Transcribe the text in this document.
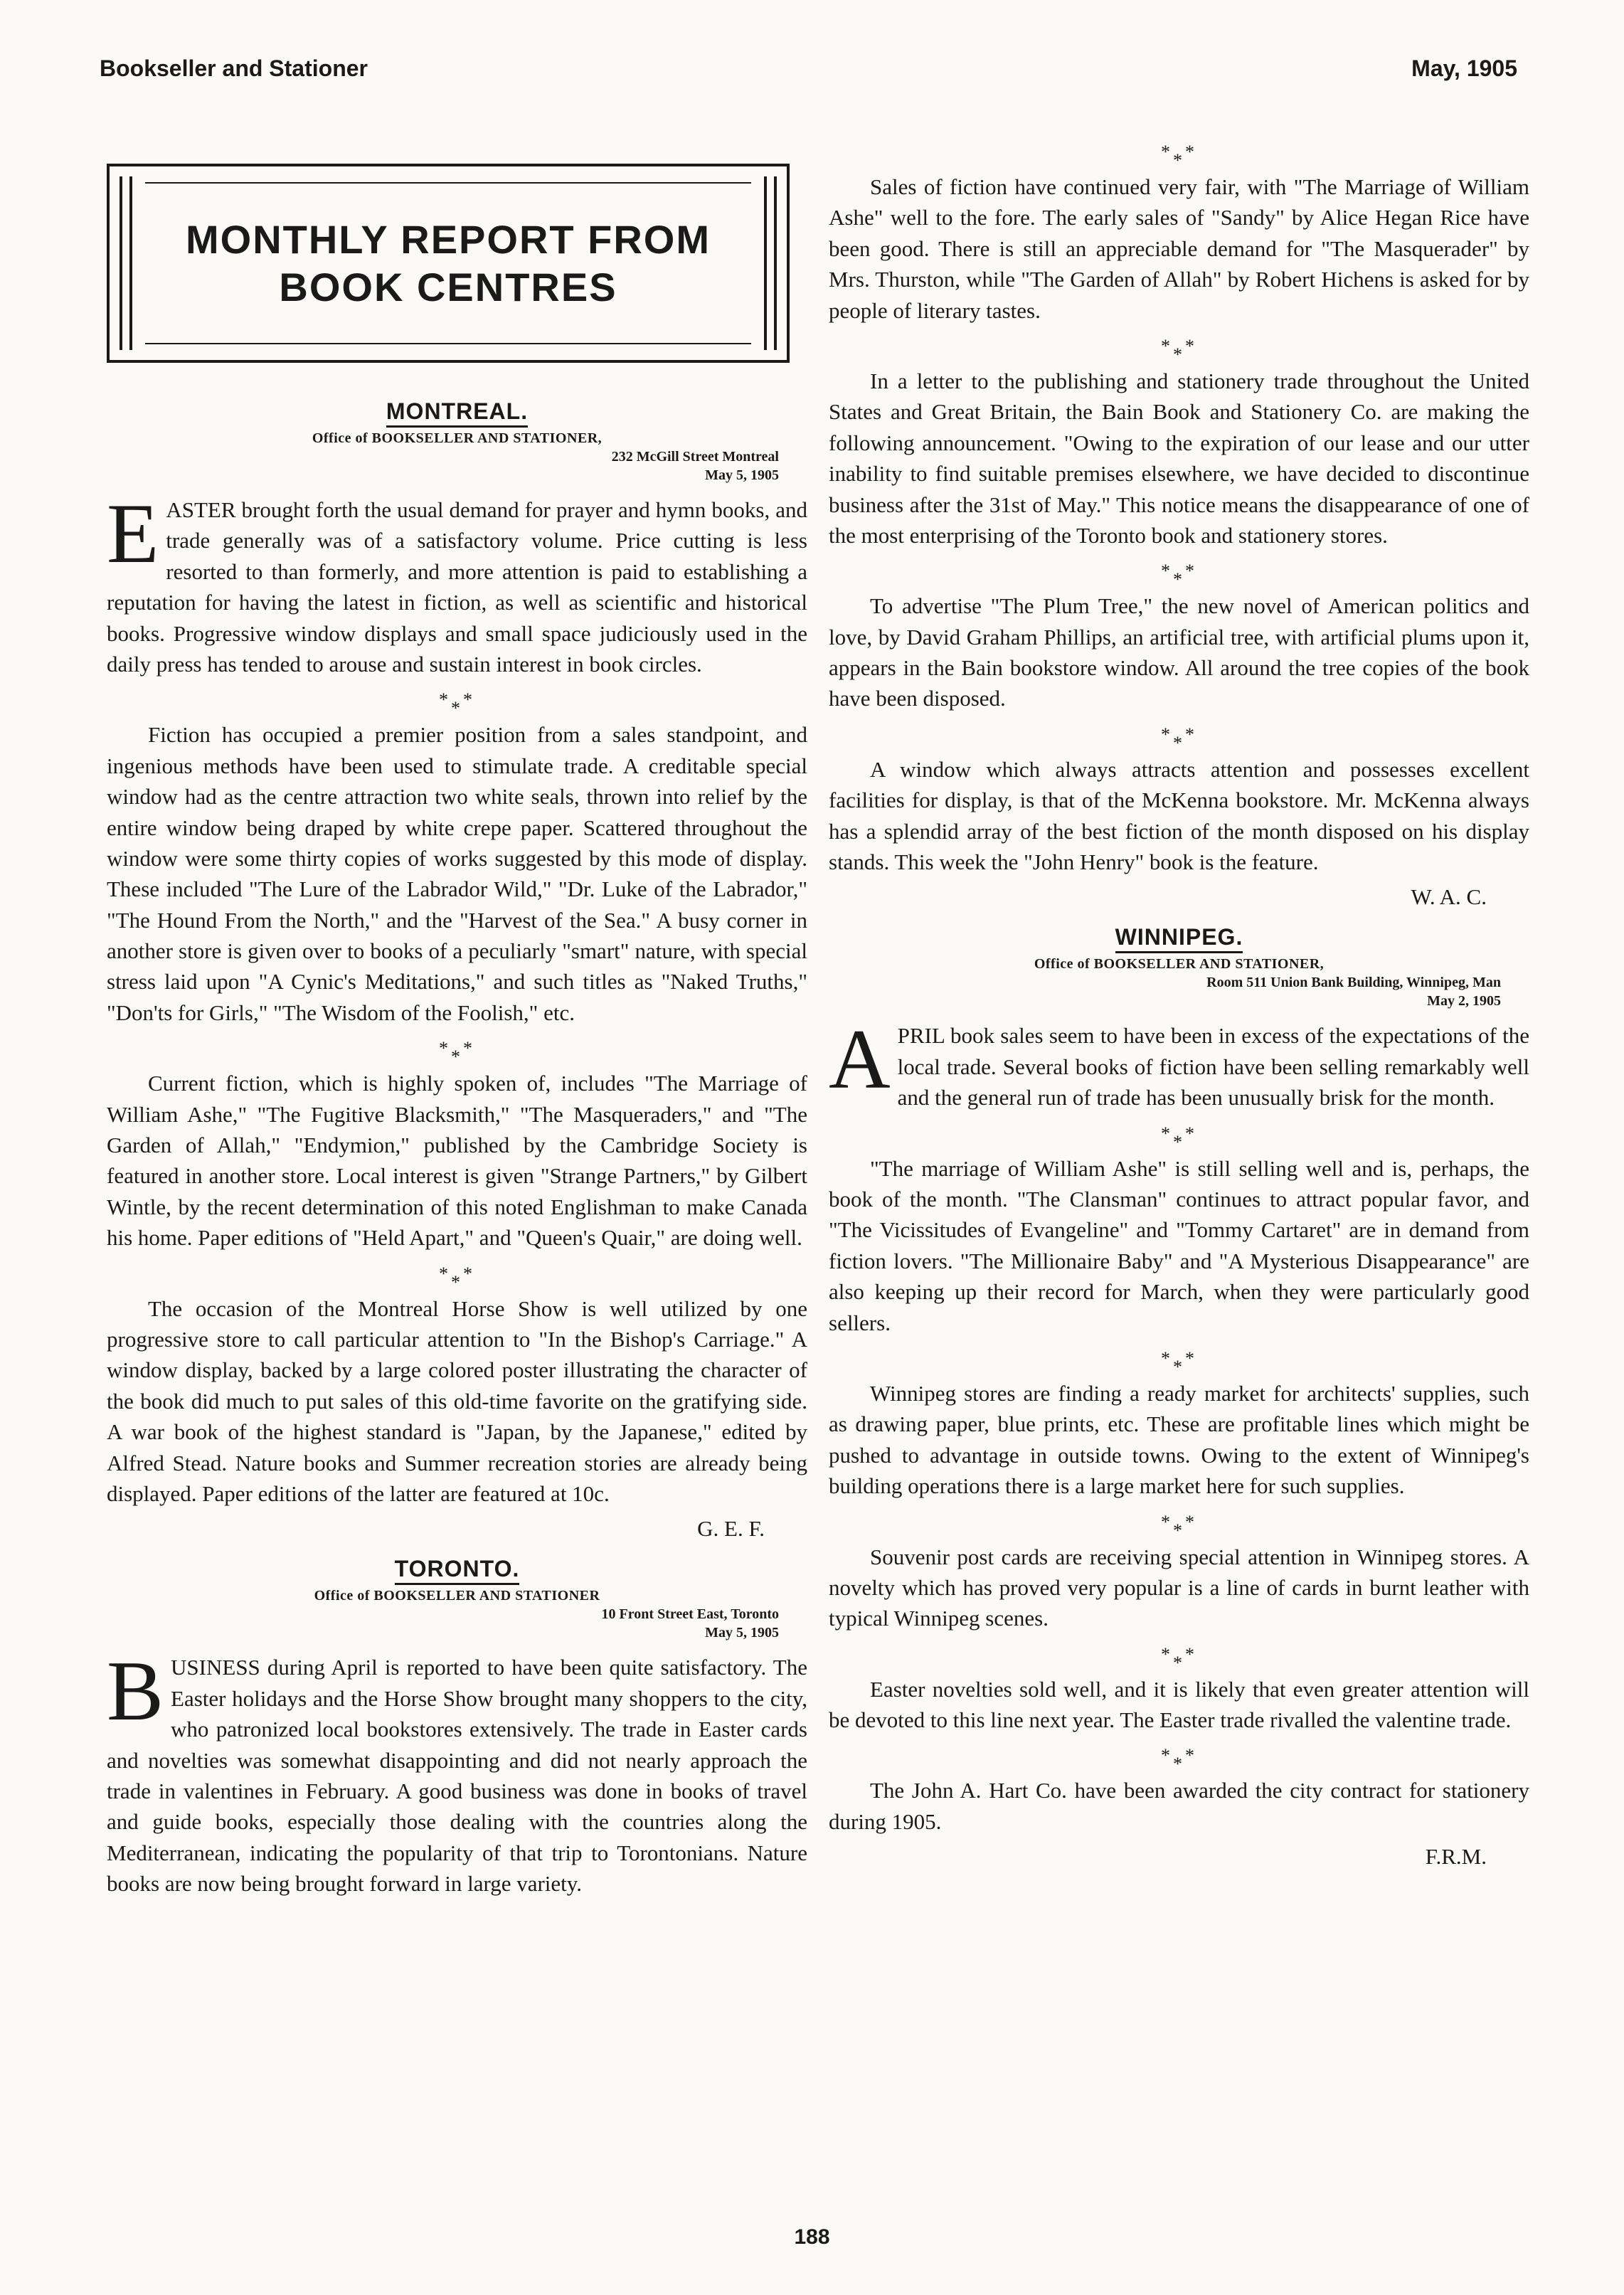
Bookseller and Stationer	May, 1905
MONTHLY REPORT FROM
BOOK CENTRES
MONTREAL.
Office of BOOKSELLER AND STATIONER,
232 McGill Street Montreal
May 5, 1905

EASTER brought forth the usual demand for prayer and hymn books, and trade generally was of a satisfactory volume. Price cutting is less resorted to than formerly, and more attention is paid to establishing a reputation for having the latest in fiction, as well as scientific and historical books. Progressive window displays and small space judiciously used in the daily press has tended to arouse and sustain interest in book circles.

***

Fiction has occupied a premier position from a sales standpoint, and ingenious methods have been used to stimulate trade. A creditable special window had as the centre attraction two white seals, thrown into relief by the entire window being draped by white crepe paper. Scattered throughout the window were some thirty copies of works suggested by this mode of display. These included "The Lure of the Labrador Wild," "Dr. Luke of the Labrador," "The Hound From the North," and the "Harvest of the Sea." A busy corner in another store is given over to books of a peculiarly "smart" nature, with special stress laid upon "A Cynic's Meditations," and such titles as "Naked Truths," "Don'ts for Girls," "The Wisdom of the Foolish," etc.

***

Current fiction, which is highly spoken of, includes "The Marriage of William Ashe," "The Fugitive Blacksmith," "The Masqueraders," and "The Garden of Allah," "Endymion," published by the Cambridge Society is featured in another store. Local interest is given "Strange Partners," by Gilbert Wintle, by the recent determination of this noted Englishman to make Canada his home. Paper editions of "Held Apart," and "Queen's Quair," are doing well.

***

The occasion of the Montreal Horse Show is well utilized by one progressive store to call particular attention to "In the Bishop's Carriage." A window display, backed by a large colored poster illustrating the character of the book did much to put sales of this old-time favorite on the gratifying side. A war book of the highest standard is "Japan, by the Japanese," edited by Alfred Stead. Nature books and Summer recreation stories are already being displayed. Paper editions of the latter are featured at 10c.

G. E. F.
TORONTO.
Office of BOOKSELLER AND STATIONER
10 Front Street East, Toronto
May 5, 1905

BUSINESS during April is reported to have been quite satisfactory. The Easter holidays and the Horse Show brought many shoppers to the city, who patronized local bookstores extensively. The trade in Easter cards and novelties was somewhat disappointing and did not nearly approach the trade in valentines in February. A good business was done in books of travel and guide books, especially those dealing with the countries along the Mediterranean, indicating the popularity of that trip to Torontonians. Nature books are now being brought forward in large variety.

***

Sales of fiction have continued very fair, with "The Marriage of William Ashe" well to the fore. The early sales of "Sandy" by Alice Hegan Rice have been good. There is still an appreciable demand for "The Masquerader" by Mrs. Thurston, while "The Garden of Allah" by Robert Hichens is asked for by people of literary tastes.

***

In a letter to the publishing and stationery trade throughout the United States and Great Britain, the Bain Book and Stationery Co. are making the following announcement. "Owing to the expiration of our lease and our utter inability to find suitable premises elsewhere, we have decided to discontinue business after the 31st of May." This notice means the disappearance of one of the most enterprising of the Toronto book and stationery stores.

***

To advertise "The Plum Tree," the new novel of American politics and love, by David Graham Phillips, an artificial tree, with artificial plums upon it, appears in the Bain bookstore window. All around the tree copies of the book have been disposed.

***

A window which always attracts attention and possesses excellent facilities for display, is that of the McKenna bookstore. Mr. McKenna always has a splendid array of the best fiction of the month disposed on his display stands. This week the "John Henry" book is the feature.

W. A. C.
WINNIPEG.
Office of BOOKSELLER AND STATIONER,
Room 511 Union Bank Building, Winnipeg, Man
May 2, 1905

APRIL book sales seem to have been in excess of the expectations of the local trade. Several books of fiction have been selling remarkably well and the general run of trade has been unusually brisk for the month.

***

"The marriage of William Ashe" is still selling well and is, perhaps, the book of the month. "The Clansman" continues to attract popular favor, and "The Vicissitudes of Evangeline" and "Tommy Cartaret" are in demand from fiction lovers. "The Millionaire Baby" and "A Mysterious Disappearance" are also keeping up their record for March, when they were particularly good sellers.

***

Winnipeg stores are finding a ready market for architects' supplies, such as drawing paper, blue prints, etc. These are profitable lines which might be pushed to advantage in outside towns. Owing to the extent of Winnipeg's building operations there is a large market here for such supplies.

***

Souvenir post cards are receiving special attention in Winnipeg stores. A novelty which has proved very popular is a line of cards in burnt leather with typical Winnipeg scenes.

***

Easter novelties sold well, and it is likely that even greater attention will be devoted to this line next year. The Easter trade rivalled the valentine trade.

***

The John A. Hart Co. have been awarded the city contract for stationery during 1905.

F.R.M.
188
